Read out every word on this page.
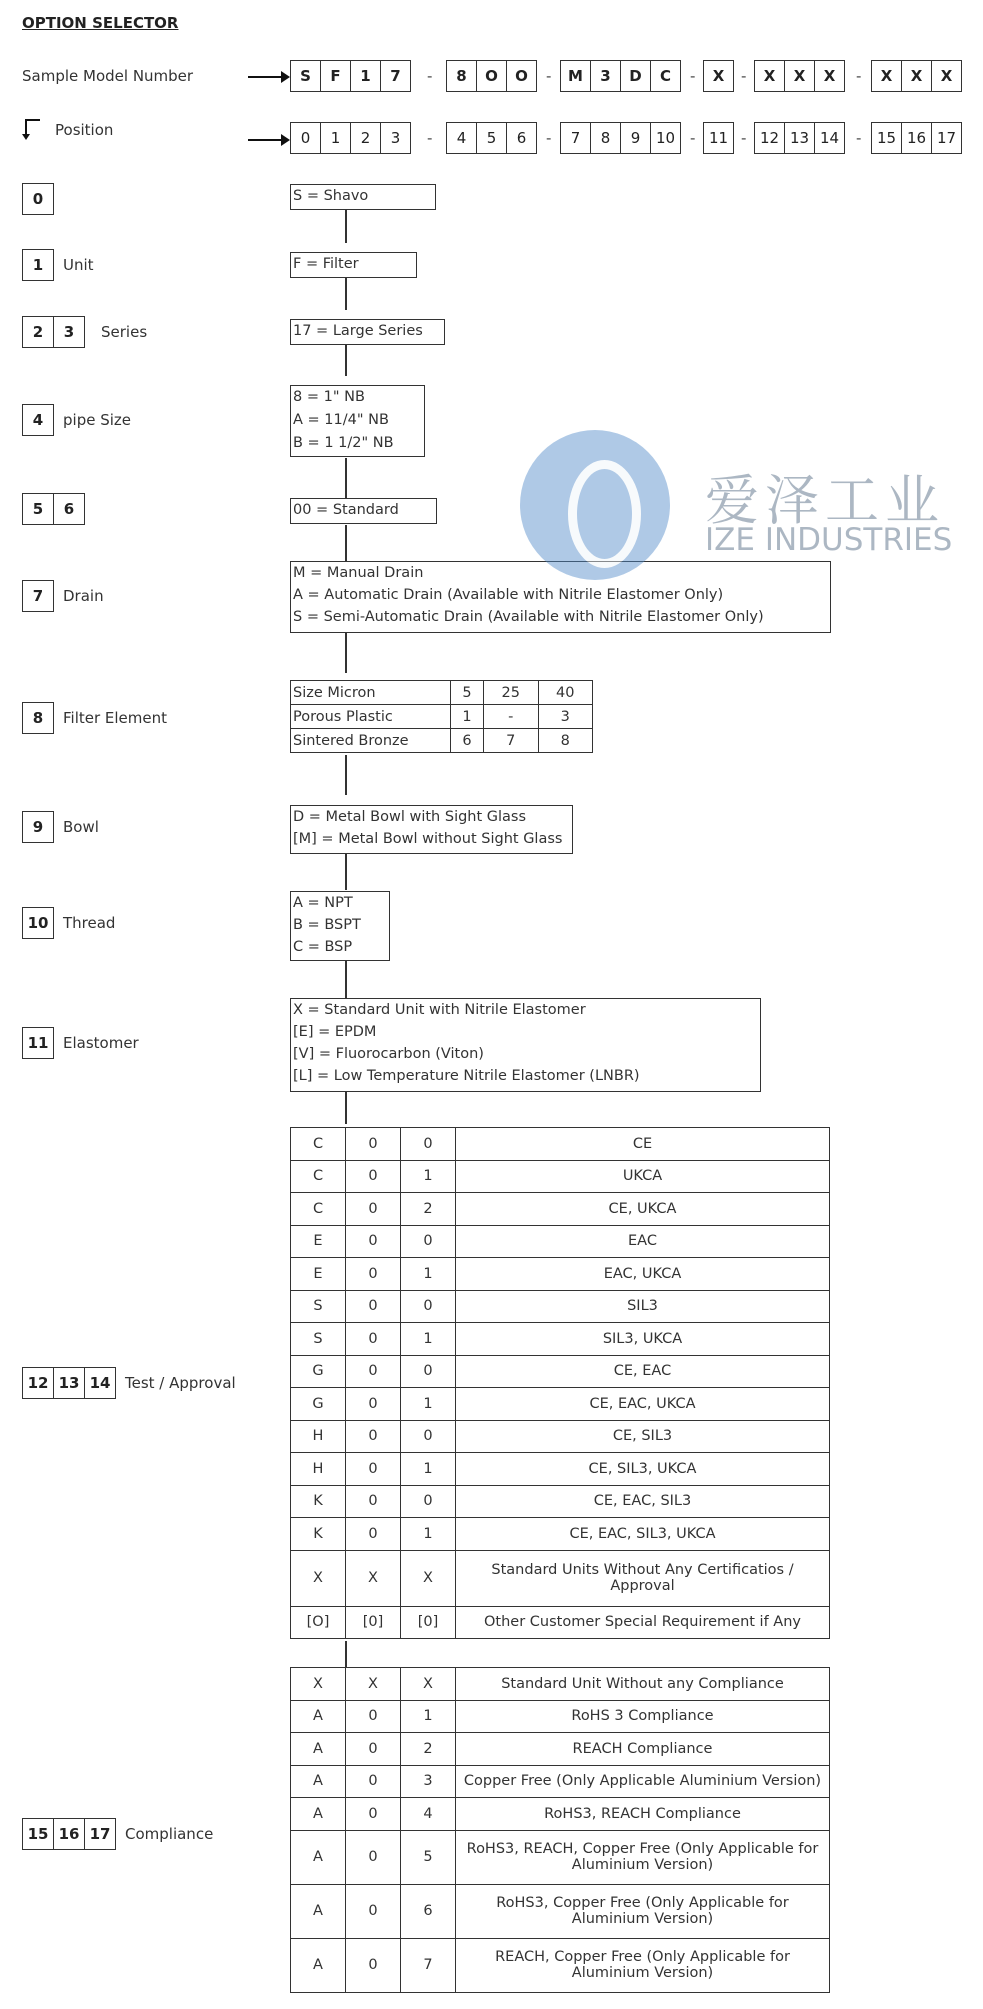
OPTION SELECTOR
Sample Model Number
Position
S	F	1	7	-	8	O	O	-	M	3	D	C	-	X	-	X	X	X	-	X	X	X
0	1	2	3	-	4	5	6	-	7	8	9	10 - 11 - 12 13 14	-	15 16 17
0
1	Unit
2	3	Series
4	pipe Size
5	6
7	Drain
8	Filter Element
9	Bowl
10 Thread
11 Elastomer
12 13 14 Test / Approval
15 16 17 Compliance
S = Shavo
F = Filter
17 = Large Series
8 = 1" NB
A = 11/4" NB
B = 1 1/2" NB
00 = Standard
M = Manual Drain
A = Automatic Drain (Available with Nitrile Elastomer Only)
S = Semi-Automatic Drain (Available with Nitrile Elastomer Only)
Size Micron	5	25	40
Porous Plastic	1	-	3
Sintered Bronze	6	7	8
D = Metal Bowl with Sight Glass
[M] = Metal Bowl without Sight Glass
A = NPT
B = BSPT
C = BSP
X = Standard Unit with Nitrile Elastomer
[E] = EPDM
[V] = Fluorocarbon (Viton)
[L] = Low Temperature Nitrile Elastomer (LNBR)
C	0	0	CE
C	0	1	UKCA
C	0	2	CE, UKCA
E	0	0	EAC
E	0	1	EAC, UKCA
S	0	0	SIL3
S	0	1	SIL3, UKCA
G	0	0	CE, EAC
G	0	1	CE, EAC, UKCA
H	0	0	CE, SIL3
H	0	1	CE, SIL3, UKCA
K	0	0	CE, EAC, SIL3
K	0	1	CE, EAC, SIL3, UKCA
X	X	X	Standard Units Without Any Certificatios / Approval
[O]	[0]	[0]	Other Customer Special Requirement if Any
X	X	X	Standard Unit Without any Compliance
A	0	1	RoHS 3 Compliance
A	0	2	REACH Compliance
A	0	3	Copper Free (Only Applicable Aluminium Version)
A	0	4	RoHS3, REACH Compliance
A	0	5	RoHS3, REACH, Copper Free (Only Applicable for Aluminium Version)
A	0	6	RoHS3, Copper Free (Only Applicable for Aluminium Version)
A	0	7	REACH, Copper Free (Only Applicable for Aluminium Version)
爱泽工业
IZE INDUSTRIES
